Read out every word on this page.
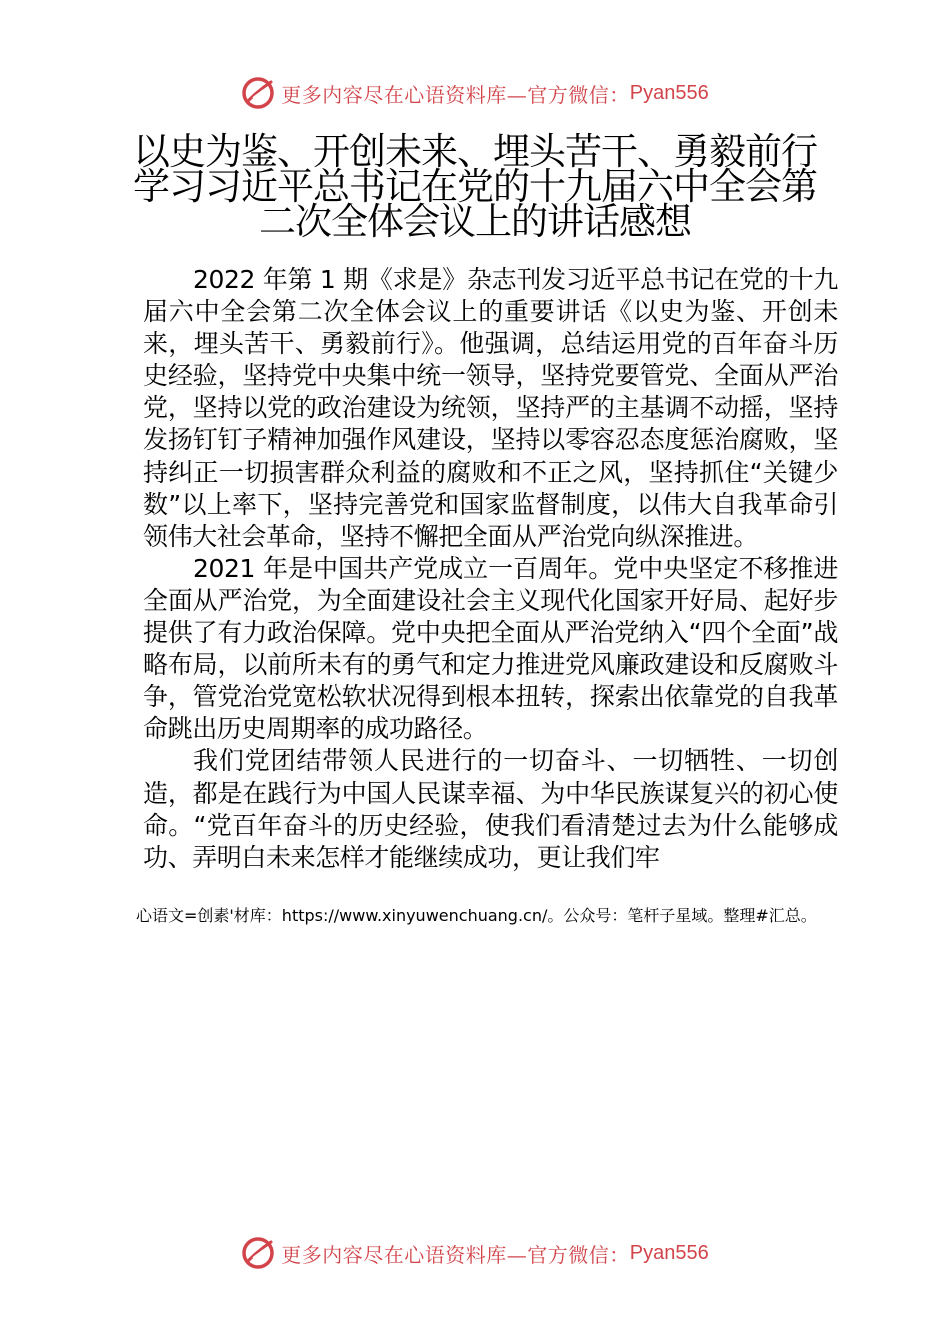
更多内容尽在心语资料库—官方微信： Pyan556
以史为鉴、开创未来、埋头苦干、勇毅前行学习习近平总书记在党的十九届六中全会第二次全体会议上的讲话感想

2022 年第 1 期《求是》杂志刊发习近平总书记在党的十九届六中全会第二次全体会议上的重要讲话《以史为鉴、开创未来，埋头苦干、勇毅前行》。他强调，总结运用党的百年奋斗历史经验，坚持党中央集中统一领导，坚持党要管党、全面从严治党，坚持以党的政治建设为统领，坚持严的主基调不动摇，坚持发扬钉钉子精神加强作风建设，坚持以零容忍态度惩治腐败，坚持纠正一切损害群众利益的腐败和不正之风，坚持抓住“关键少数”以上率下，坚持完善党和国家监督制度，以伟大自我革命引领伟大社会革命，坚持不懈把全面从严治党向纵深推进。

2021 年是中国共产党成立一百周年。党中央坚定不移推进全面从严治党，为全面建设社会主义现代化国家开好局、起好步提供了有力政治保障。党中央把全面从严治党纳入“四个全面”战略布局，以前所未有的勇气和定力推进党风廉政建设和反腐败斗争，管党治党宽松软状况得到根本扭转，探索出依靠党的自我革命跳出历史周期率的成功路径。

我们党团结带领人民进行的一切奋斗、一切牺牲、一切创造，都是在践行为中国人民谋幸福、为中华民族谋复兴的初心使命。“党百年奋斗的历史经验，使我们看清楚过去为什么能够成功、弄明白未来怎样才能继续成功，更让我们牢

心语文=创素'材库：https://www.xinyuwenchuang.cn/。公众号：笔杆子星域。整理#汇总。
更多内容尽在心语资料库—官方微信： Pyan556
